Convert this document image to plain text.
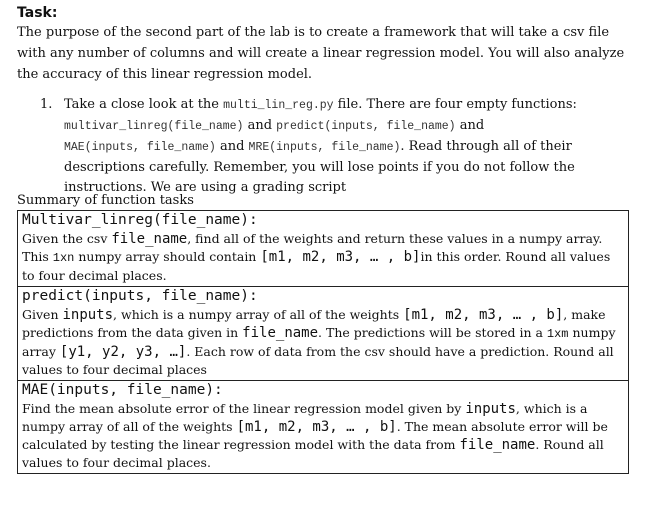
Task:
The purpose of the second part of the lab is to create a framework that will take a csv file with any number of columns and will create a linear regression model. You will also analyze the accuracy of this linear regression model.
1. Take a close look at the multi_lin_reg.py file. There are four empty functions:
multivar_linreg(file_name) and predict(inputs, file_name) and
MAE(inputs, file_name) and MRE(inputs, file_name). Read through all of their descriptions carefully. Remember, you will lose points if you do not follow the instructions. We are using a grading script
Summary of function tasks
Multivar_linreg(file_name):
Given the csv file_name, find all of the weights and return these values in a numpy array. This 1xn numpy array should contain [m1, m2, m3, … , b]in this order. Round all values to four decimal places.

predict(inputs, file_name):
Given inputs, which is a numpy array of all of the weights [m1, m2, m3, … , b], make predictions from the data given in file_name. The predictions will be stored in a 1xm numpy array [y1, y2, y3, …]. Each row of data from the csv should have a prediction. Round all values to four decimal places

MAE(inputs, file_name):
Find the mean absolute error of the linear regression model given by inputs, which is a numpy array of all of the weights [m1, m2, m3, … , b]. The mean absolute error will be calculated by testing the linear regression model with the data from file_name. Round all values to four decimal places.
